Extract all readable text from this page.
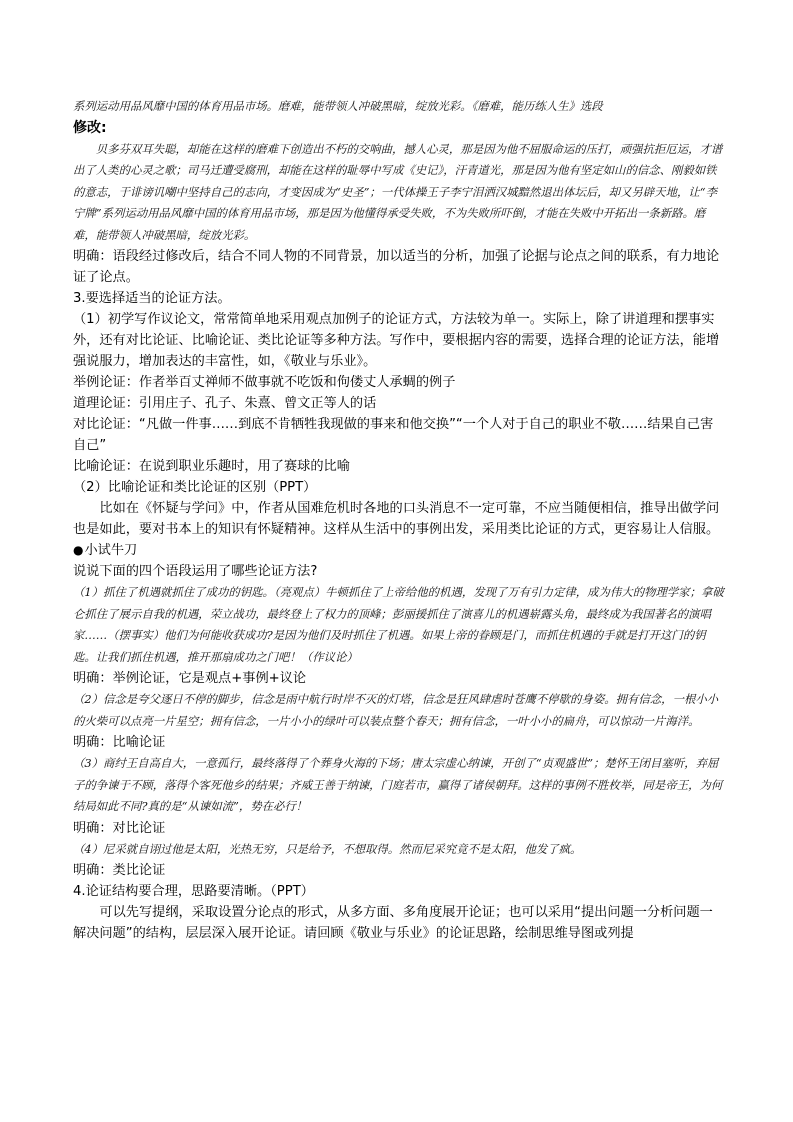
系列运动用品风靡中国的体育用品市场。磨难，能带领人冲破黑暗，绽放光彩。《磨难，能历练人生》选段

修改:

贝多芬双耳失聪，却能在这样的磨难下创造出不朽的交响曲，撼人心灵，那是因为他不屈服命运的压打，顽强抗拒厄运，才谱出了人类的心灵之歌；司马迁遭受腐刑，却能在这样的耻辱中写成《史记》，汗青道光，那是因为他有坚定如山的信念、刚毅如铁的意志，于诽谤讥嘲中坚持自己的志向，才变因成为“史圣”；一代体操王子李宁泪洒汉城黯然退出体坛后，却又另辟天地，让“李宁牌”系列运动用品风靡中国的体育用品市场，那是因为他懂得承受失败，不为失败所吓倒，才能在失败中开拓出一条新路。磨难，能带领人冲破黑暗，绽放光彩。

明确：语段经过修改后，结合不同人物的不同背景，加以适当的分析，加强了论据与论点之间的联系，有力地论证了论点。

3.要选择适当的论证方法。

（1）初学写作议论文，常常简单地采用观点加例子的论证方式，方法较为单一。实际上，除了讲道理和摆事实外，还有对比论证、比喻论证、类比论证等多种方法。写作中，要根据内容的需要，选择合理的论证方法，能增强说服力，增加表达的丰富性，如，《敬业与乐业》。

举例论证：作者举百丈禅师不做事就不吃饭和佝偻丈人承蜩的例子

道理论证：引用庄子、孔子、朱熹、曾文正等人的话

对比论证：“凡做一件事……到底不肯牺牲我现做的事来和他交换”“一个人对于自己的职业不敬……结果自己害自己”

比喻论证：在说到职业乐趣时，用了赛球的比喻

（2）比喻论证和类比论证的区别（PPT）

比如在《怀疑与学问》中，作者从国难危机时各地的口头消息不一定可靠，不应当随便相信，推导出做学问也是如此，要对书本上的知识有怀疑精神。这样从生活中的事例出发，采用类比论证的方式，更容易让人信服。

●小试牛刀

说说下面的四个语段运用了哪些论证方法?

（1）抓住了机遇就抓住了成功的钥匙。（亮观点）牛顿抓住了上帝给他的机遇，发现了万有引力定律，成为伟大的物理学家；拿破仑抓住了展示自我的机遇，荣立战功，最终登上了权力的顶峰；彭丽援抓住了演喜儿的机遇崭露头角，最终成为我国著名的演唱家……（摆事实）他们为何能收获成功?是因为他们及时抓住了机遇。如果上帝的眷顾是门，而抓住机遇的手就是打开这门的钥匙。让我们抓住机遇，推开那扇成功之门吧！（作议论）

明确：举例论证，它是观点+事例+议论

（2）信念是夸父逐日不停的脚步，信念是雨中航行时岸不灭的灯塔，信念是狂风肆虐时苍鹰不停歇的身姿。拥有信念，一根小小的火柴可以点亮一片星空；拥有信念，一片小小的绿叶可以装点整个春天；拥有信念，一叶小小的扁舟，可以惊动一片海洋。

明确：比喻论证

（3）商纣王自高自大，一意孤行，最终落得了个葬身火海的下场；唐太宗虚心纳谏，开创了“贞观盛世”；楚怀王闭目塞听，弃屈子的争谏于不顾，落得个客死他乡的结果；齐威王善于纳谏，门庭若市，赢得了诸侯朝拜。这样的事例不胜枚举，同是帝王，为何结局如此不同?真的是“从谏如流”，势在必行！

明确：对比论证

（4）尼采就自诩过他是太阳，光热无穷，只是给予，不想取得。然而尼采究竟不是太阳，他发了疯。

明确：类比论证

4.论证结构要合理，思路要清晰。（PPT）

可以先写提纲，采取设置分论点的形式，从多方面、多角度展开论证；也可以采用“提出问题一分析问题一解决问题”的结构，层层深入展开论证。请回顾《敬业与乐业》的论证思路，绘制思维导图或列提
